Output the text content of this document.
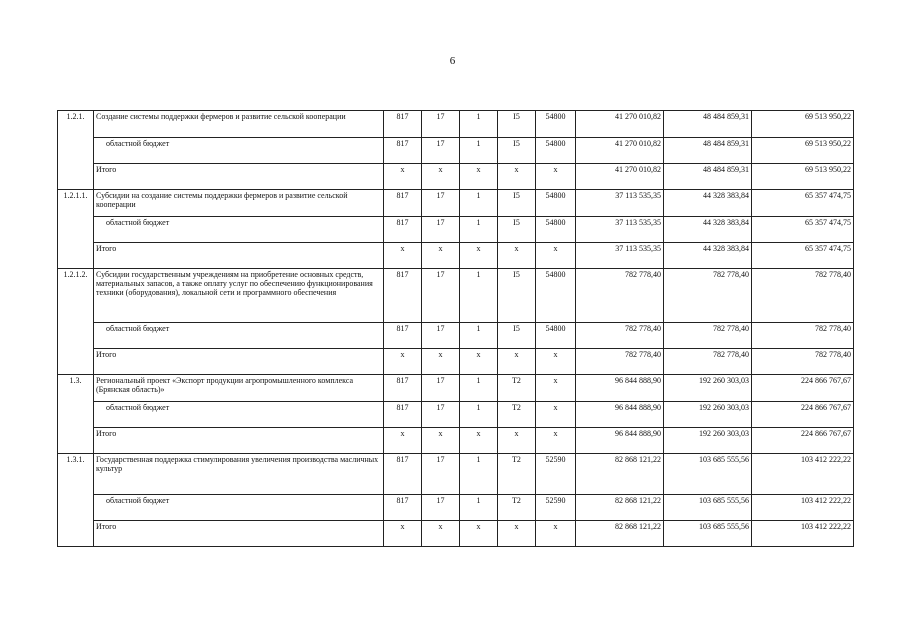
6
1.2.1.	Создание системы поддержки фермеров и развитие сельской кооперации	817	17	1	I5	54800	41 270 010,82	48 484 859,31	69 513 950,22
	областной бюджет	817	17	1	I5	54800	41 270 010,82	48 484 859,31	69 513 950,22
	Итого	х	х	х	х	х	41 270 010,82	48 484 859,31	69 513 950,22
1.2.1.1.	Субсидии на создание системы поддержки фермеров и развитие сельской кооперации	817	17	1	I5	54800	37 113 535,35	44 328 383,84	65 357 474,75
	областной бюджет	817	17	1	I5	54800	37 113 535,35	44 328 383,84	65 357 474,75
	Итого	х	х	х	х	х	37 113 535,35	44 328 383,84	65 357 474,75
1.2.1.2.	Субсидии государственным учреждениям на приобретение основных средств, материальных запасов, а также оплату услуг по обеспечению функционирования техники (оборудования), локальной сети и программного обеспечения	817	17	1	I5	54800	782 778,40	782 778,40	782 778,40
	областной бюджет	817	17	1	I5	54800	782 778,40	782 778,40	782 778,40
	Итого	х	х	х	х	х	782 778,40	782 778,40	782 778,40
1.3.	Региональный проект «Экспорт продукции агропромышленного комплекса (Брянская область)»	817	17	1	T2	х	96 844 888,90	192 260 303,03	224 866 767,67
	областной бюджет	817	17	1	T2	х	96 844 888,90	192 260 303,03	224 866 767,67
	Итого	х	х	х	х	х	96 844 888,90	192 260 303,03	224 866 767,67
1.3.1.	Государственная поддержка стимулирования увеличения производства масличных культур	817	17	1	T2	52590	82 868 121,22	103 685 555,56	103 412 222,22
	областной бюджет	817	17	1	T2	52590	82 868 121,22	103 685 555,56	103 412 222,22
	Итого	х	х	х	х	х	82 868 121,22	103 685 555,56	103 412 222,22
